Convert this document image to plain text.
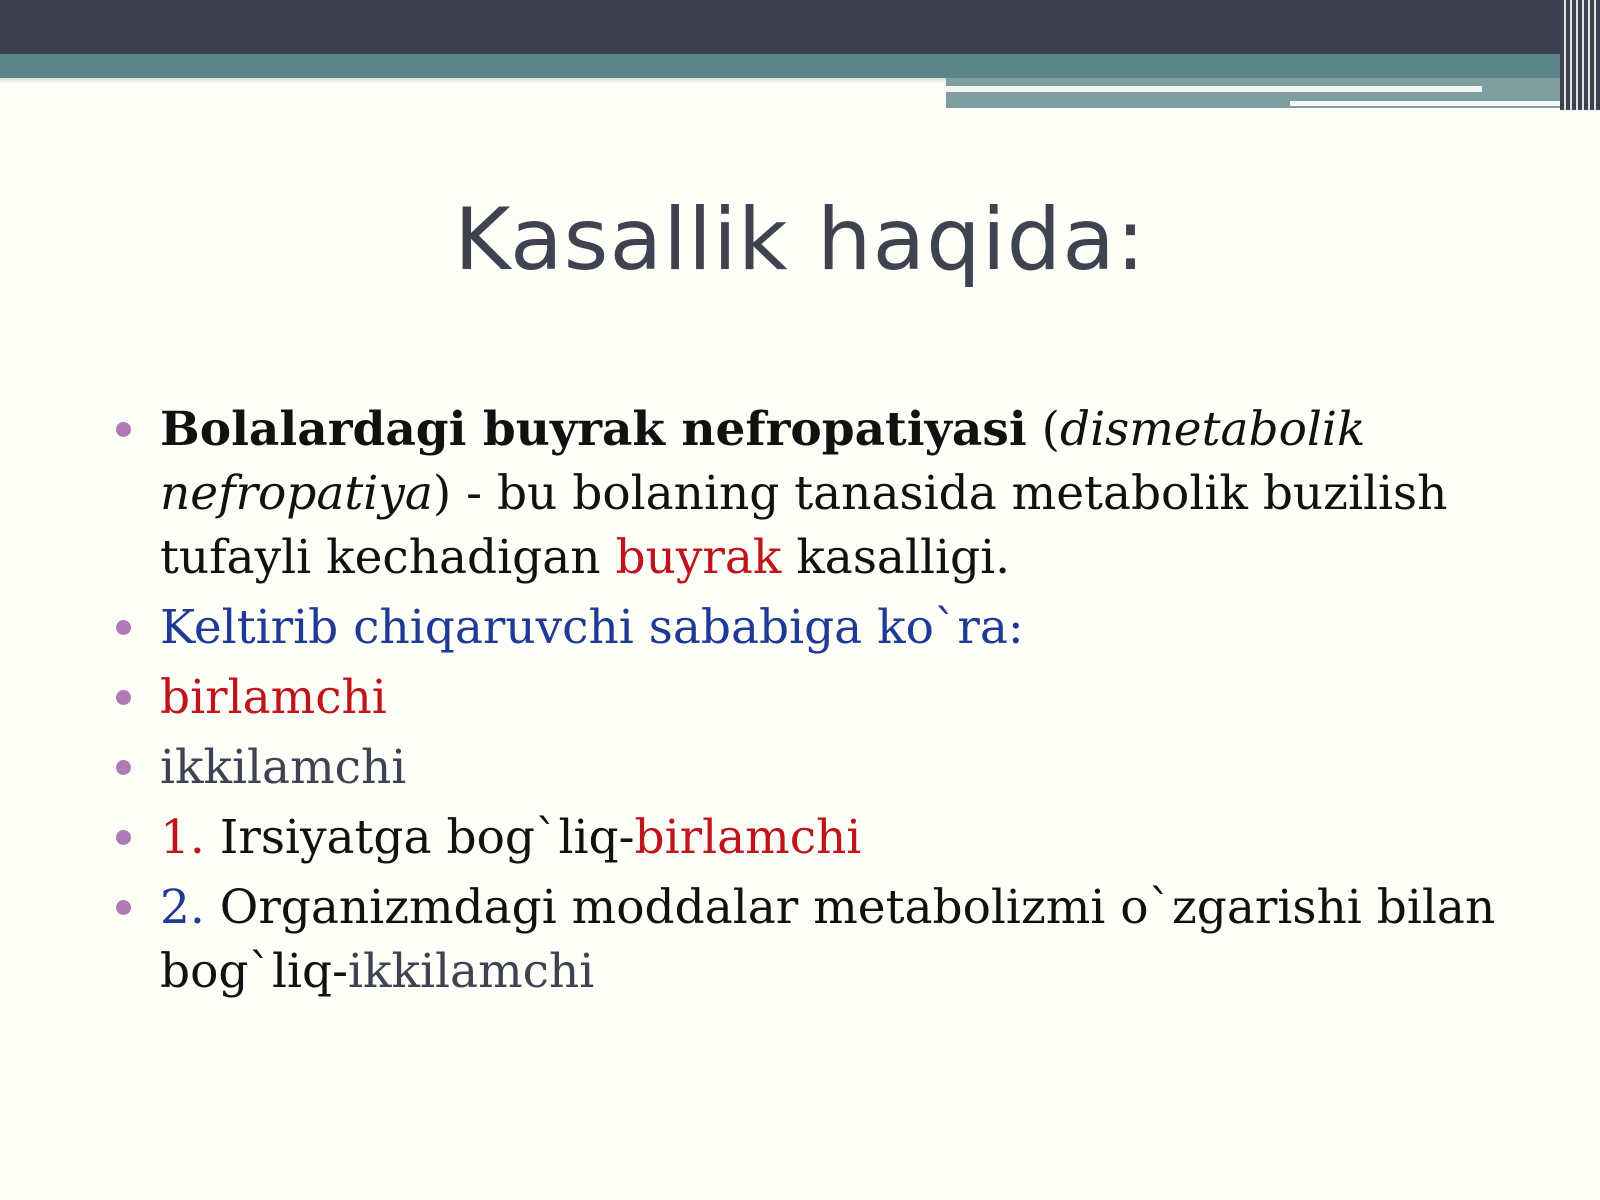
Kasallik haqida:
Bolalardagi buyrak nefropatiyasi (dismetabolik nefropatiya) - bu bolaning tanasida metabolik buzilish tufayli kechadigan buyrak kasalligi.
Keltirib chiqaruvchi sababiga ko`ra:
birlamchi
ikkilamchi
1. Irsiyatga bog`liq-birlamchi
2. Organizmdagi moddalar metabolizmi o`zgarishi bilan bog`liq-ikkilamchi
